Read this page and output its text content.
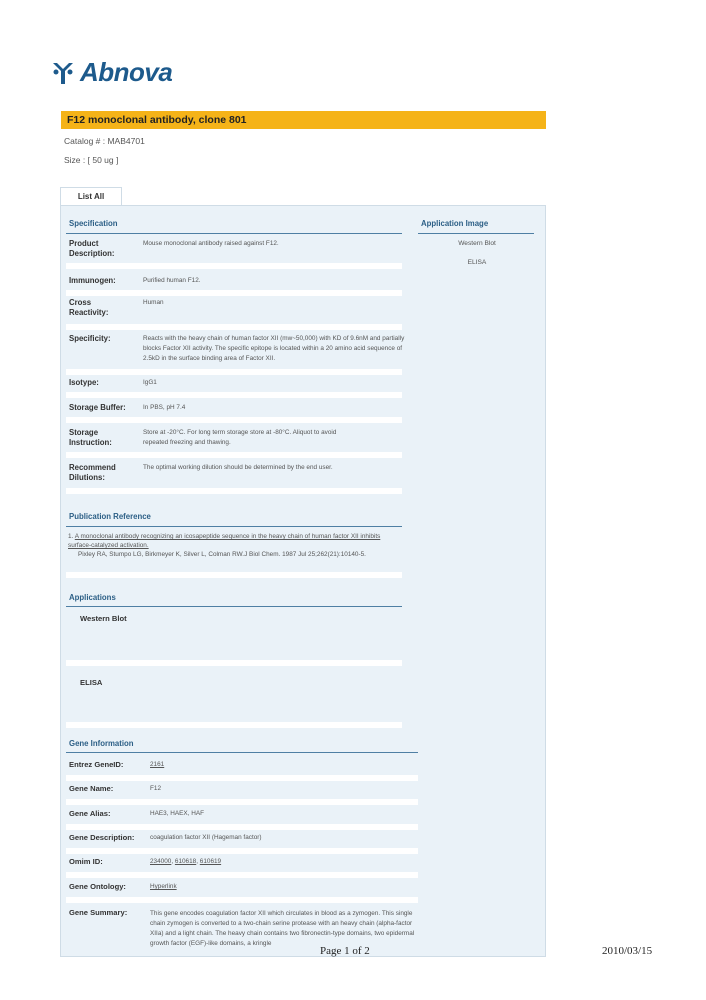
Abnova
F12 monoclonal antibody, clone 801
Catalog # : MAB4701
Size : [ 50 ug ]
List All
Specification
Product Description:
Mouse monoclonal antibody raised against F12.
Immunogen:	Purified human F12.
Cross Reactivity:
Human
Specificity:	Reacts with the heavy chain of human factor XII (mw~50,000) with KD of 9.6nM and partially blocks Factor XII activity. The specific epitope is located within a 20 amino acid sequence of 2.5kD in the surface binding area of Factor XII.
Isotype:	IgG1
Storage Buffer:	In PBS, pH 7.4
Storage Instruction:
Store at -20°C. For long term storage store at -80°C. Aliquot to avoid repeated freezing and thawing.
Recommend Dilutions:
The optimal working dilution should be determined by the end user.
Application Image
Western Blot
ELISA
Publication Reference
1. A monoclonal antibody recognizing an icosapeptide sequence in the heavy chain of human factor XII inhibits surface-catalyzed activation.
Pixley RA, Stumpo LG, Birkmeyer K, Silver L, Colman RW.J Biol Chem. 1987 Jul 25;262(21):10140-5.
Applications
Western Blot
ELISA
Gene Information
Entrez GeneID:	2161
Gene Name:	F12
Gene Alias:	HAE3, HAEX, HAF
Gene Description: coagulation factor XII (Hageman factor)
Omim ID:	234000, 610618, 610619
Gene Ontology:	Hyperlink
Gene Summary:	This gene encodes coagulation factor XII which circulates in blood as a zymogen. This single chain zymogen is converted to a two-chain serine protease with an heavy chain (alpha-factor XIIa) and a light chain. The heavy chain contains two fibronectin-type domains, two epidermal growth factor (EGF)-like domains, a kringle
Page 1 of 2	2010/03/15
